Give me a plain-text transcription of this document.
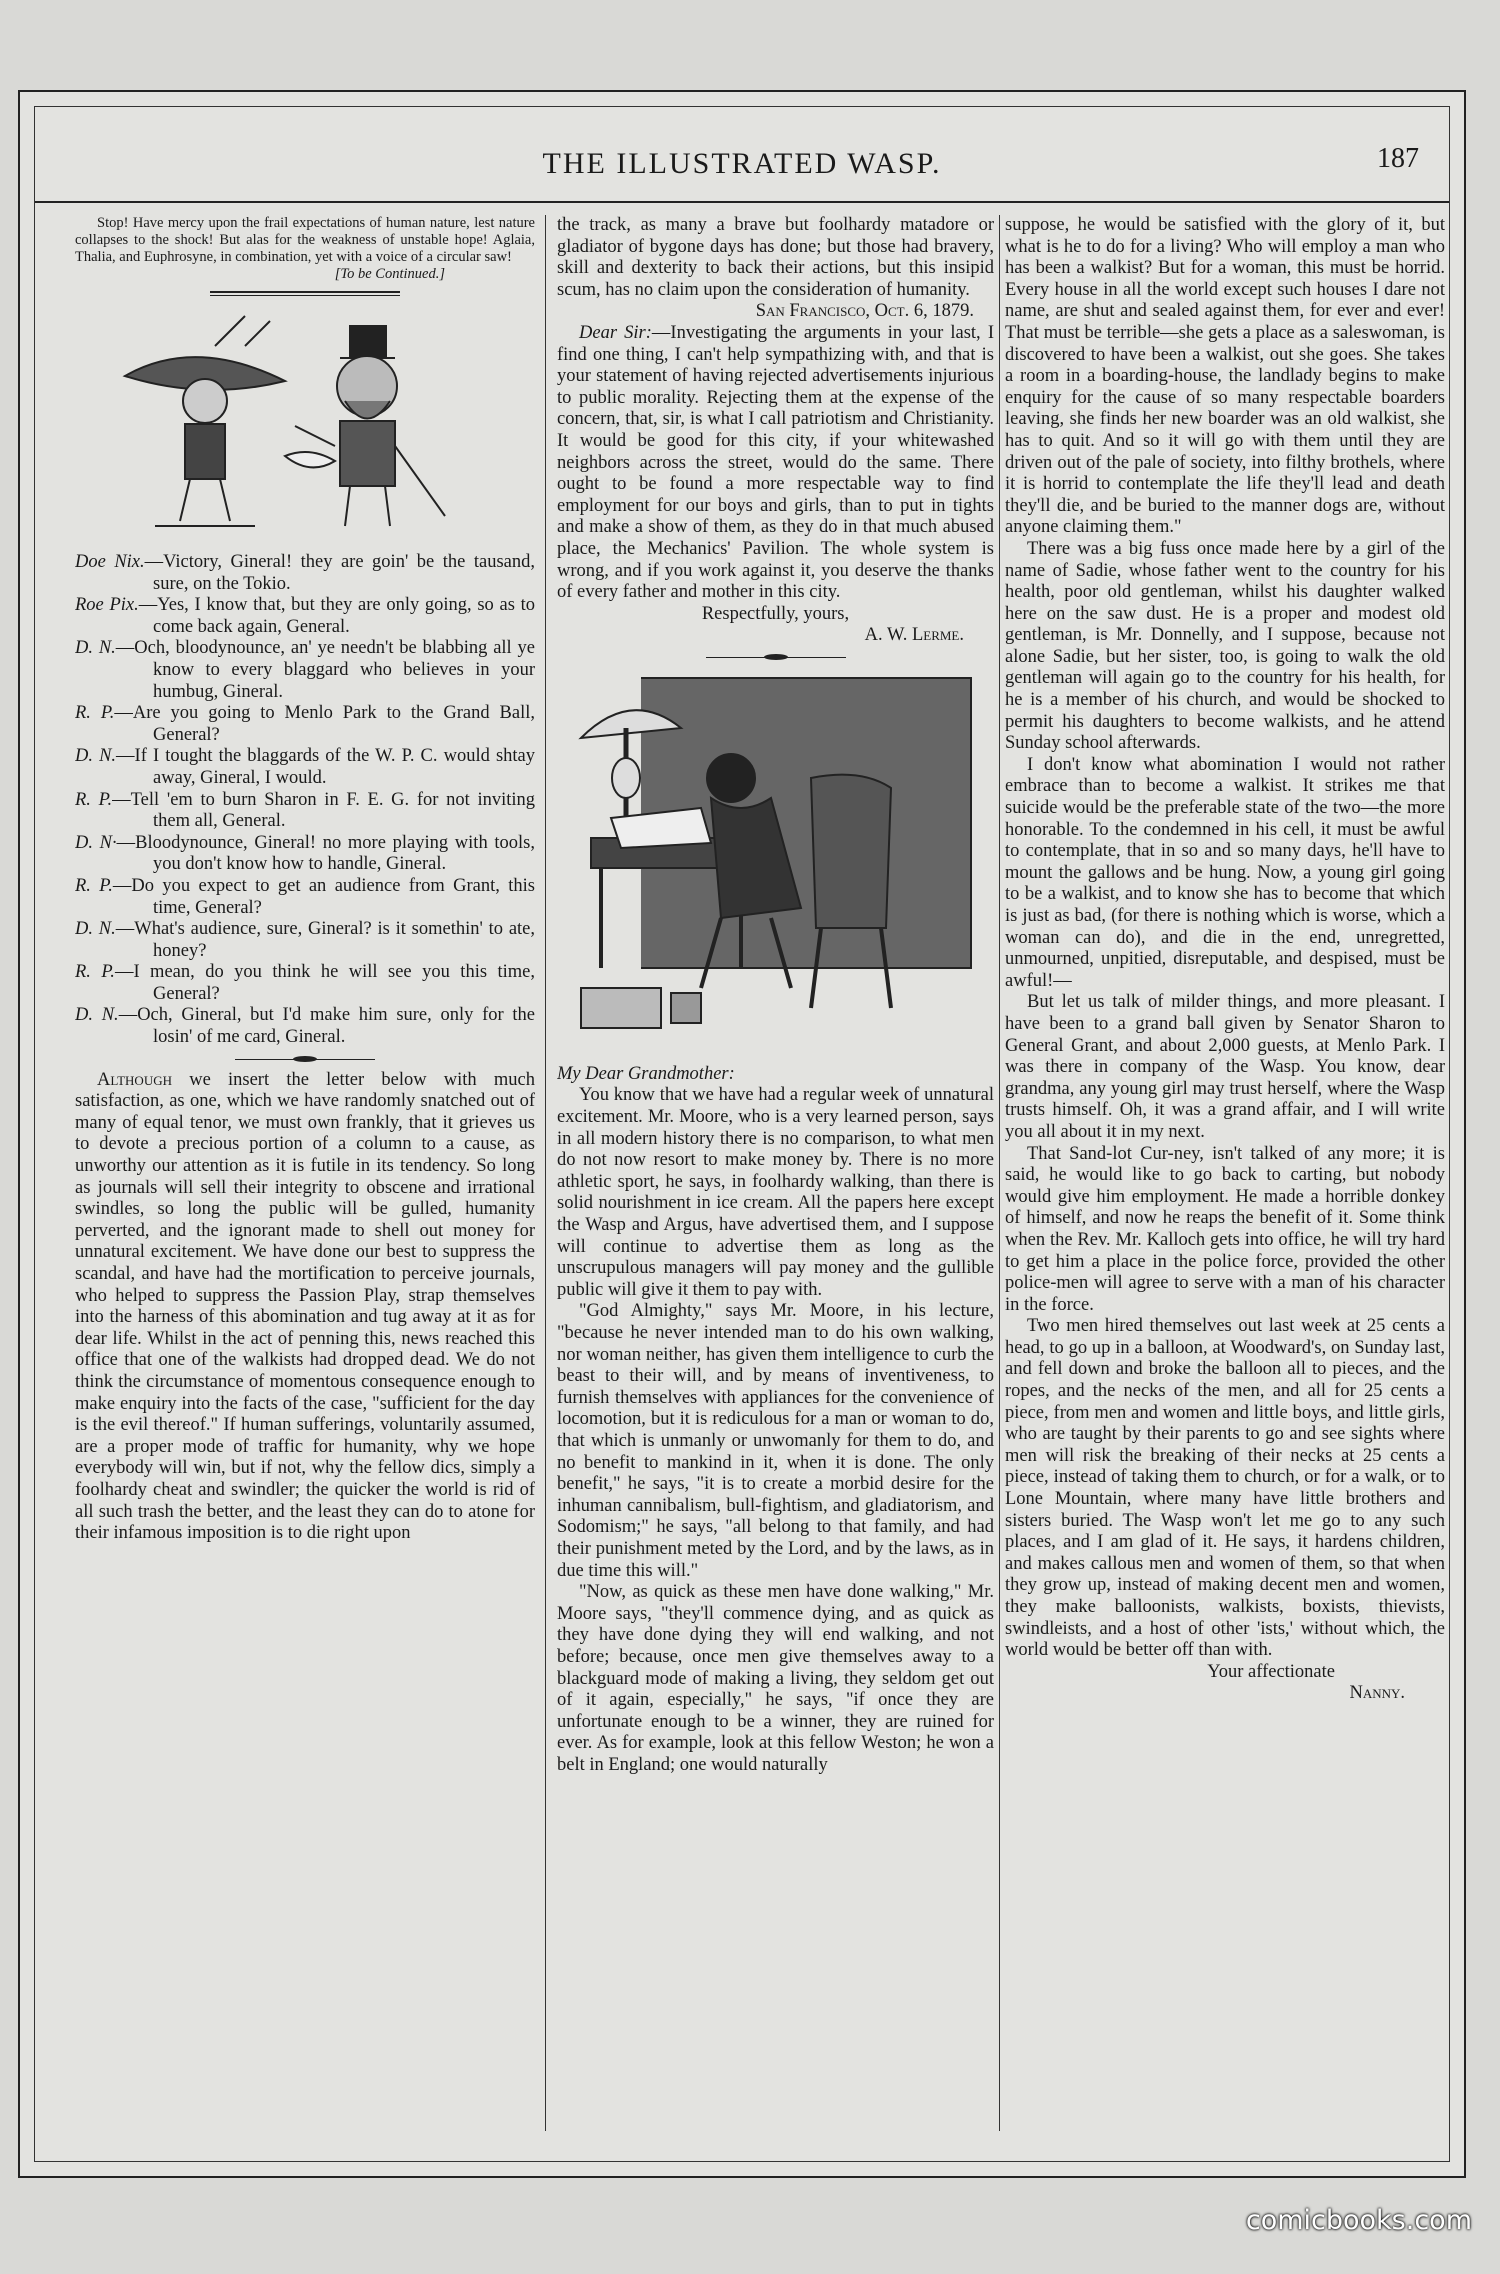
THE ILLUSTRATED WASP.	187

Stop! Have mercy upon the frail expectations of human nature, lest nature collapses to the shock! But alas for the weakness of unstable hope! Aglaia, Thalia, and Euphrosyne, in combination, yet with a voice of a circular saw!

[To be Continued.]

Doe Nix.—Victory, Gineral! they are goin' be the tausand, sure, on the Tokio.

Roe Pix.—Yes, I know that, but they are only going, so as to come back again, General.

D. N.—Och, bloodynounce, an' ye needn't be blabbing all ye know to every blaggard who believes in your humbug, Gineral.

R. P.—Are you going to Menlo Park to the Grand Ball, General?

D. N.—If I tought the blaggards of the W. P. C. would shtay away, Gineral, I would.

R. P.—Tell 'em to burn Sharon in F. E. G. for not inviting them all, General.

D. N·—Bloodynounce, Gineral! no more playing with tools, you don't know how to handle, Gineral.

R. P.—Do you expect to get an audience from Grant, this time, General?

D. N.—What's audience, sure, Gineral? is it somethin' to ate, honey?

R. P.—I mean, do you think he will see you this time, General?

D. N.—Och, Gineral, but I'd make him sure, only for the losin' of me card, Gineral.

Although we insert the letter below with much satisfaction, as one, which we have randomly snatched out of many of equal tenor, we must own frankly, that it grieves us to devote a precious portion of a column to a cause, as unworthy our attention as it is futile in its tendency. So long as journals will sell their integrity to obscene and irrational swindles, so long the public will be gulled, humanity perverted, and the ignorant made to shell out money for unnatural excitement. We have done our best to suppress the scandal, and have had the mortification to perceive journals, who helped to suppress the Passion Play, strap themselves into the harness of this abomination and tug away at it as for dear life. Whilst in the act of penning this, news reached this office that one of the walkists had dropped dead. We do not think the circumstance of momentous consequence enough to make enquiry into the facts of the case, "sufficient for the day is the evil thereof." If human sufferings, voluntarily assumed, are a proper mode of traffic for humanity, why we hope everybody will win, but if not, why the fellow dics, simply a foolhardy cheat and swindler; the quicker the world is rid of all such trash the better, and the least they can do to atone for their infamous imposition is to die right upon

the track, as many a brave but foolhardy matadore or gladiator of bygone days has done; but those had bravery, skill and dexterity to back their actions, but this insipid scum, has no claim upon the consideration of humanity.

San Francisco, Oct. 6, 1879.

Dear Sir:—Investigating the arguments in your last, I find one thing, I can't help sympathizing with, and that is your statement of having rejected advertisements injurious to public morality. Rejecting them at the expense of the concern, that, sir, is what I call patriotism and Christianity. It would be good for this city, if your whitewashed neighbors across the street, would do the same. There ought to be found a more respectable way to find employment for our boys and girls, than to put in tights and make a show of them, as they do in that much abused place, the Mechanics' Pavilion. The whole system is wrong, and if you work against it, you deserve the thanks of every father and mother in this city.

Respectfully, yours,

A. W. Lerme.

My Dear Grandmother:

You know that we have had a regular week of unnatural excitement. Mr. Moore, who is a very learned person, says in all modern history there is no comparison, to what men do not now resort to make money by. There is no more athletic sport, he says, in foolhardy walking, than there is solid nourishment in ice cream. All the papers here except the Wasp and Argus, have advertised them, and I suppose will continue to advertise them as long as the unscrupulous managers will pay money and the gullible public will give it them to pay with.

"God Almighty," says Mr. Moore, in his lecture, "because he never intended man to do his own walking, nor woman neither, has given them intelligence to curb the beast to their will, and by means of inventiveness, to furnish themselves with appliances for the convenience of locomotion, but it is rediculous for a man or woman to do, that which is unmanly or unwomanly for them to do, and no benefit to mankind in it, when it is done. The only benefit," he says, "it is to create a morbid desire for the inhuman cannibalism, bull-fightism, and gladiatorism, and Sodomism;" he says, "all belong to that family, and had their punishment meted by the Lord, and by the laws, as in due time this will."

"Now, as quick as these men have done walking," Mr. Moore says, "they'll commence dying, and as quick as they have done dying they will end walking, and not before; because, once men give themselves away to a blackguard mode of making a living, they seldom get out of it again, especially," he says, "if once they are unfortunate enough to be a winner, they are ruined for ever. As for example, look at this fellow Weston; he won a belt in England; one would naturally

suppose, he would be satisfied with the glory of it, but what is he to do for a living? Who will employ a man who has been a walkist? But for a woman, this must be horrid. Every house in all the world except such houses I dare not name, are shut and sealed against them, for ever and ever! That must be terrible—she gets a place as a saleswoman, is discovered to have been a walkist, out she goes. She takes a room in a boarding-house, the landlady begins to make enquiry for the cause of so many respectable boarders leaving, she finds her new boarder was an old walkist, she has to quit. And so it will go with them until they are driven out of the pale of society, into filthy brothels, where it is horrid to contemplate the life they'll lead and death they'll die, and be buried to the manner dogs are, without anyone claiming them."

There was a big fuss once made here by a girl of the name of Sadie, whose father went to the country for his health, poor old gentleman, whilst his daughter walked here on the saw dust. He is a proper and modest old gentleman, is Mr. Donnelly, and I suppose, because not alone Sadie, but her sister, too, is going to walk the old gentleman will again go to the country for his health, for he is a member of his church, and would be shocked to permit his daughters to become walkists, and he attend Sunday school afterwards.

I don't know what abomination I would not rather embrace than to become a walkist. It strikes me that suicide would be the preferable state of the two—the more honorable. To the condemned in his cell, it must be awful to contemplate, that in so and so many days, he'll have to mount the gallows and be hung. Now, a young girl going to be a walkist, and to know she has to become that which is just as bad, (for there is nothing which is worse, which a woman can do), and die in the end, unregretted, unmourned, unpitied, disreputable, and despised, must be awful!—

But let us talk of milder things, and more pleasant. I have been to a grand ball given by Senator Sharon to General Grant, and about 2,000 guests, at Menlo Park. I was there in company of the Wasp. You know, dear grandma, any young girl may trust herself, where the Wasp trusts himself. Oh, it was a grand affair, and I will write you all about it in my next.

That Sand-lot Cur-ney, isn't talked of any more; it is said, he would like to go back to carting, but nobody would give him employment. He made a horrible donkey of himself, and now he reaps the benefit of it. Some think when the Rev. Mr. Kalloch gets into office, he will try hard to get him a place in the police force, provided the other police-men will agree to serve with a man of his character in the force.

Two men hired themselves out last week at 25 cents a head, to go up in a balloon, at Woodward's, on Sunday last, and fell down and broke the balloon all to pieces, and the ropes, and the necks of the men, and all for 25 cents a piece, from men and women and little boys, and little girls, who are taught by their parents to go and see sights where men will risk the breaking of their necks at 25 cents a piece, instead of taking them to church, or for a walk, or to Lone Mountain, where many have little brothers and sisters buried. The Wasp won't let me go to any such places, and I am glad of it. He says, it hardens children, and makes callous men and women of them, so that when they grow up, instead of making decent men and women, they make balloonists, walkists, boxists, thievists, swindleists, and a host of other 'ists,' without which, the world would be better off than with.

Your affectionate

Nanny.

comicbooks.com
